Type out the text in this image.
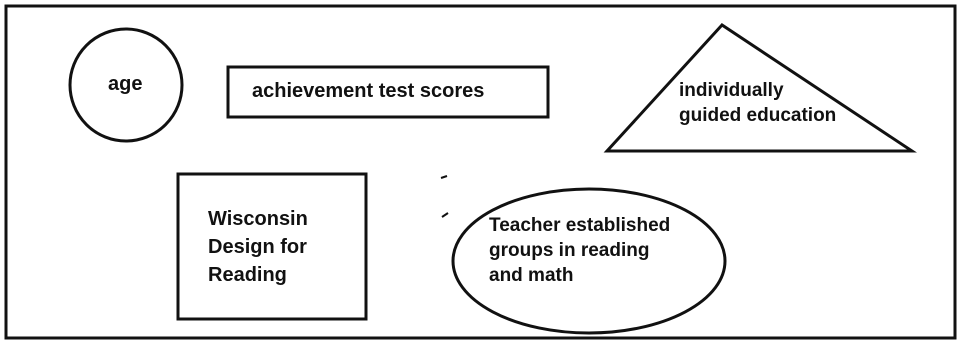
age	achievement test scores	individually
guided education
Wisconsin
Design for
Reading
Teacher established
groups in reading
and math
